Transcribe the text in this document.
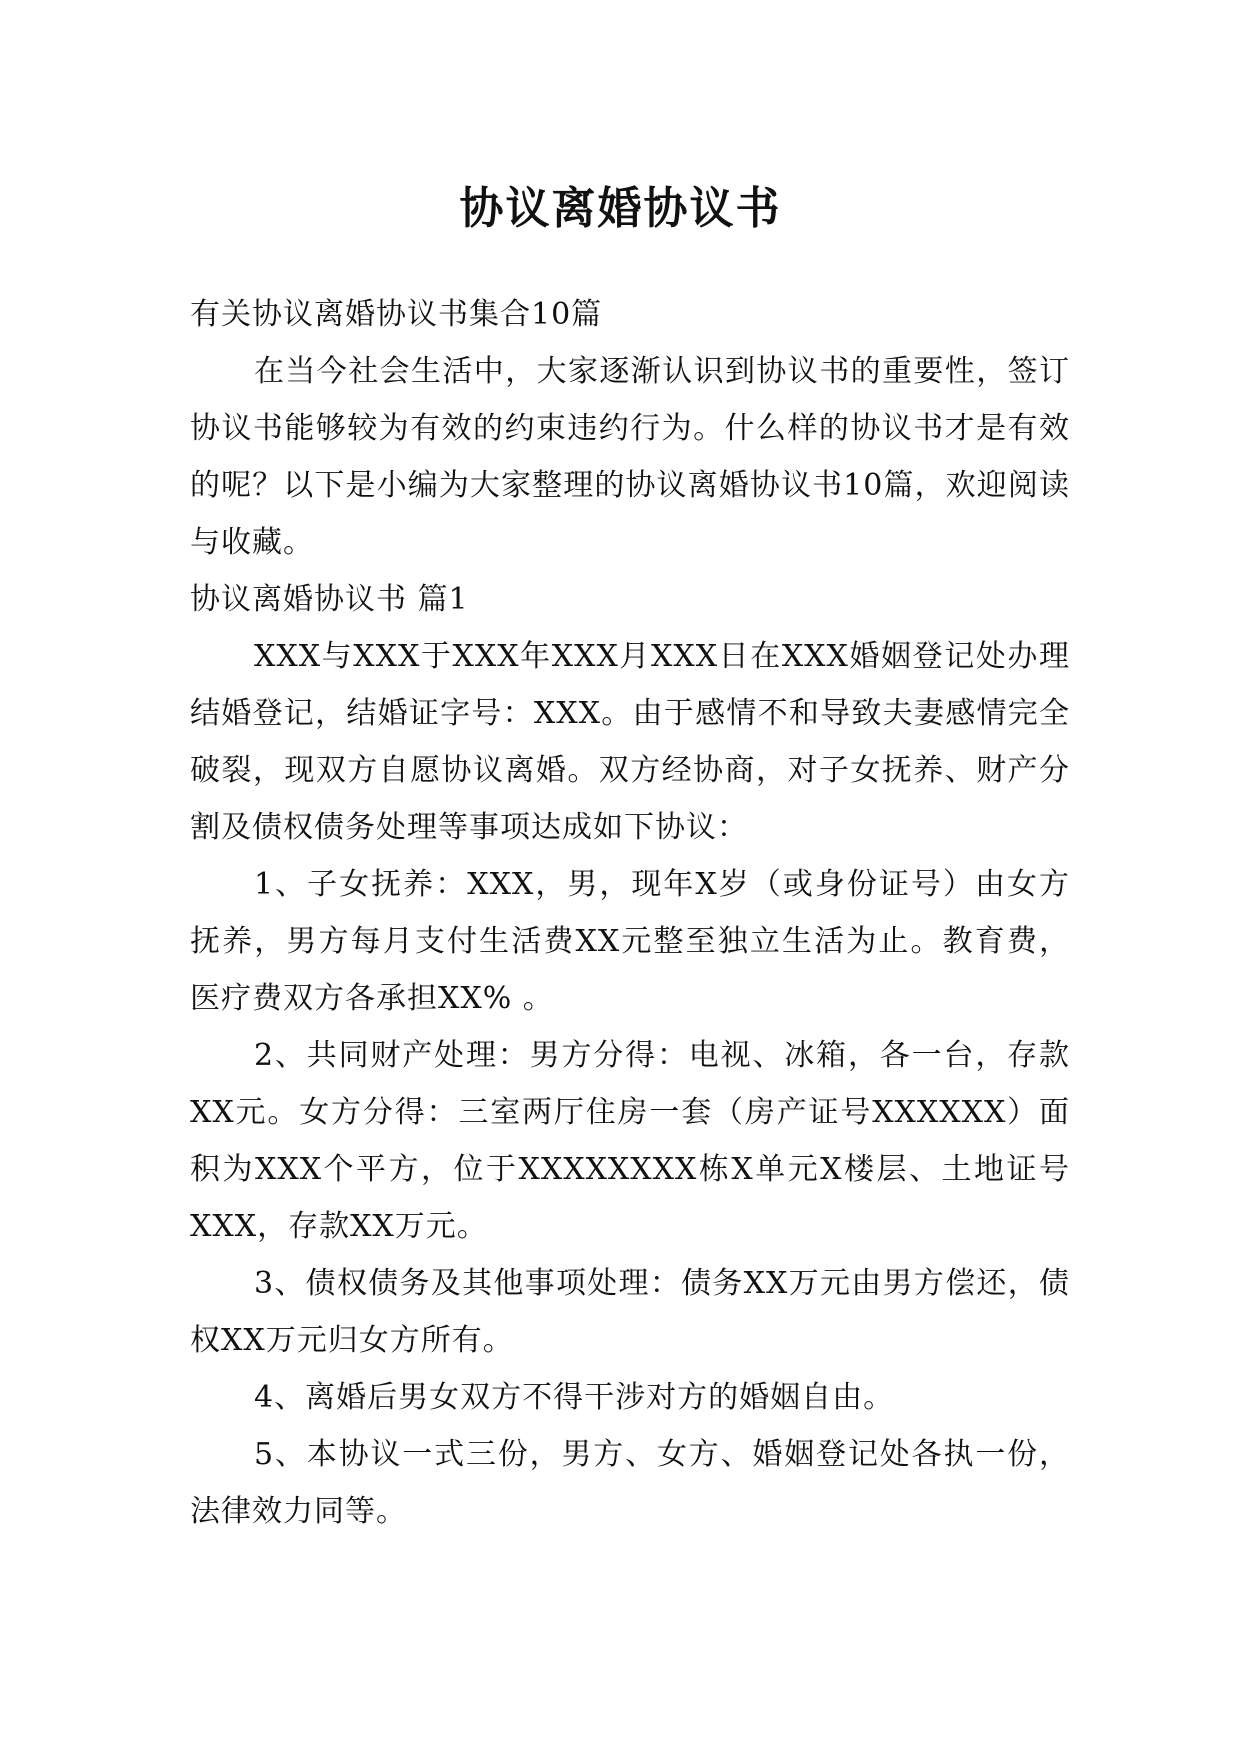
协议离婚协议书

有关协议离婚协议书集合10篇

在当今社会生活中，大家逐渐认识到协议书的重要性，签订协议书能够较为有效的约束违约行为。什么样的协议书才是有效的呢？以下是小编为大家整理的协议离婚协议书10篇，欢迎阅读与收藏。

协议离婚协议书 篇1

XXX与XXX于XXX年XXX月XXX日在XXX婚姻登记处办理结婚登记，结婚证字号：XXX。由于感情不和导致夫妻感情完全破裂，现双方自愿协议离婚。双方经协商，对子女抚养、财产分割及债权债务处理等事项达成如下协议：

1、子女抚养：XXX，男，现年X岁（或身份证号）由女方抚养，男方每月支付生活费XX元整至独立生活为止。教育费，医疗费双方各承担XX% 。

2、共同财产处理：男方分得：电视、冰箱，各一台，存款XX元。女方分得：三室两厅住房一套（房产证号XXXXXX）面积为XXX个平方，位于XXXXXXXX栋X单元X楼层、土地证号XXX，存款XX万元。

3、债权债务及其他事项处理：债务XX万元由男方偿还，债权XX万元归女方所有。

4、离婚后男女双方不得干涉对方的婚姻自由。

5、本协议一式三份，男方、女方、婚姻登记处各执一份，法律效力同等。
